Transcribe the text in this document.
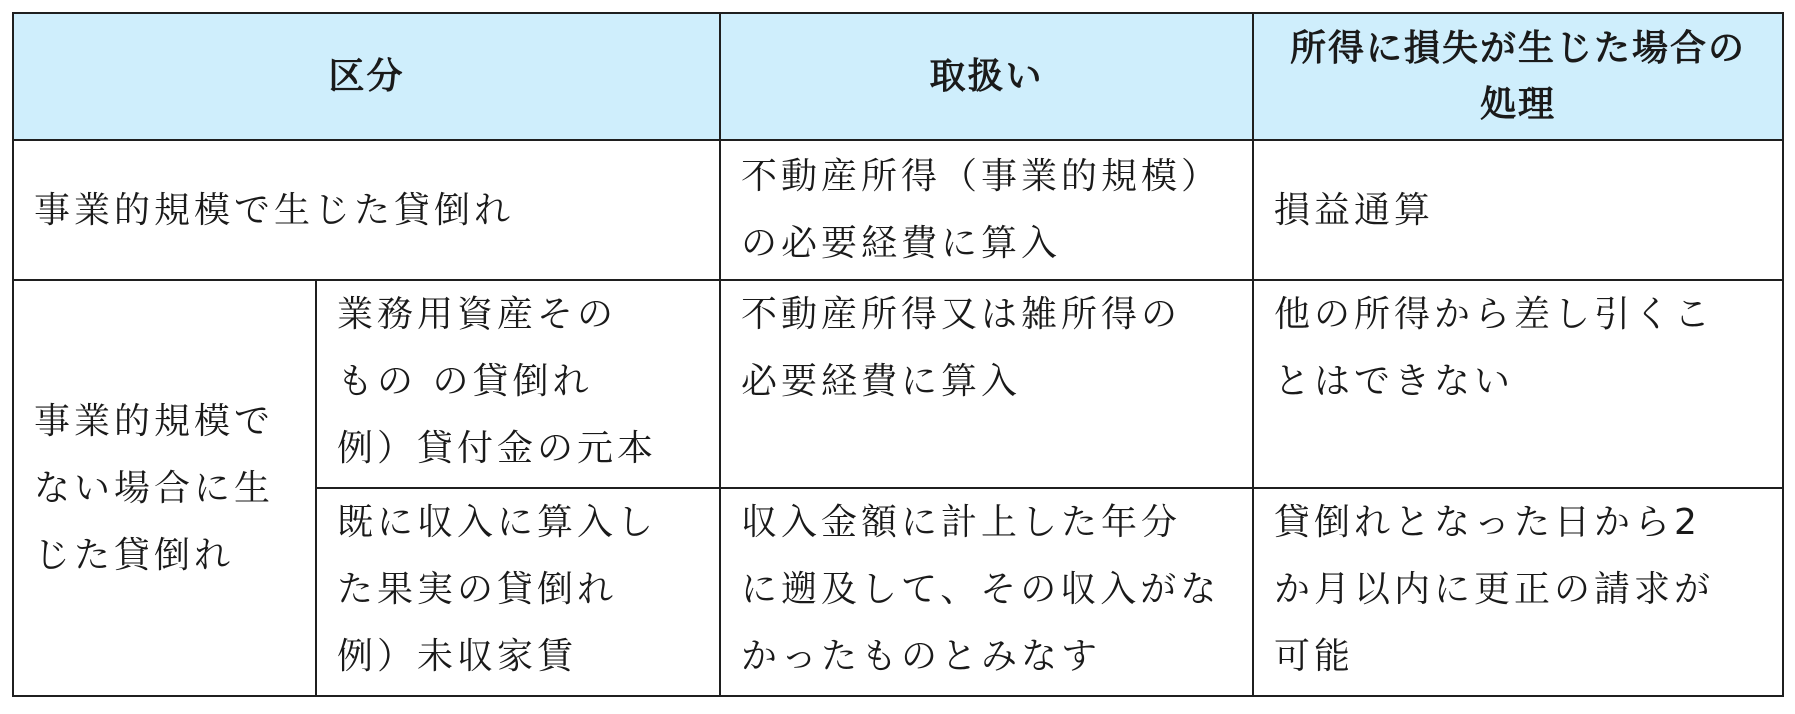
区分		取扱い	所得に損失が生じた場合の
処理
事業的規模で生じた貸倒れ		不動産所得（事業的規模）
の必要経費に算入	損益通算
事業的規模で
ない場合に生
じた貸倒れ	業務用資産その
もの の貸倒れ
例）貸付金の元本	不動産所得又は雑所得の
必要経費に算入	他の所得から差し引くこ
とはできない
	既に収入に算入し
た果実の貸倒れ
例）未収家賃	収入金額に計上した年分
に遡及して、その収入がな
かったものとみなす	貸倒れとなった日から2
か月以内に更正の請求が
可能
